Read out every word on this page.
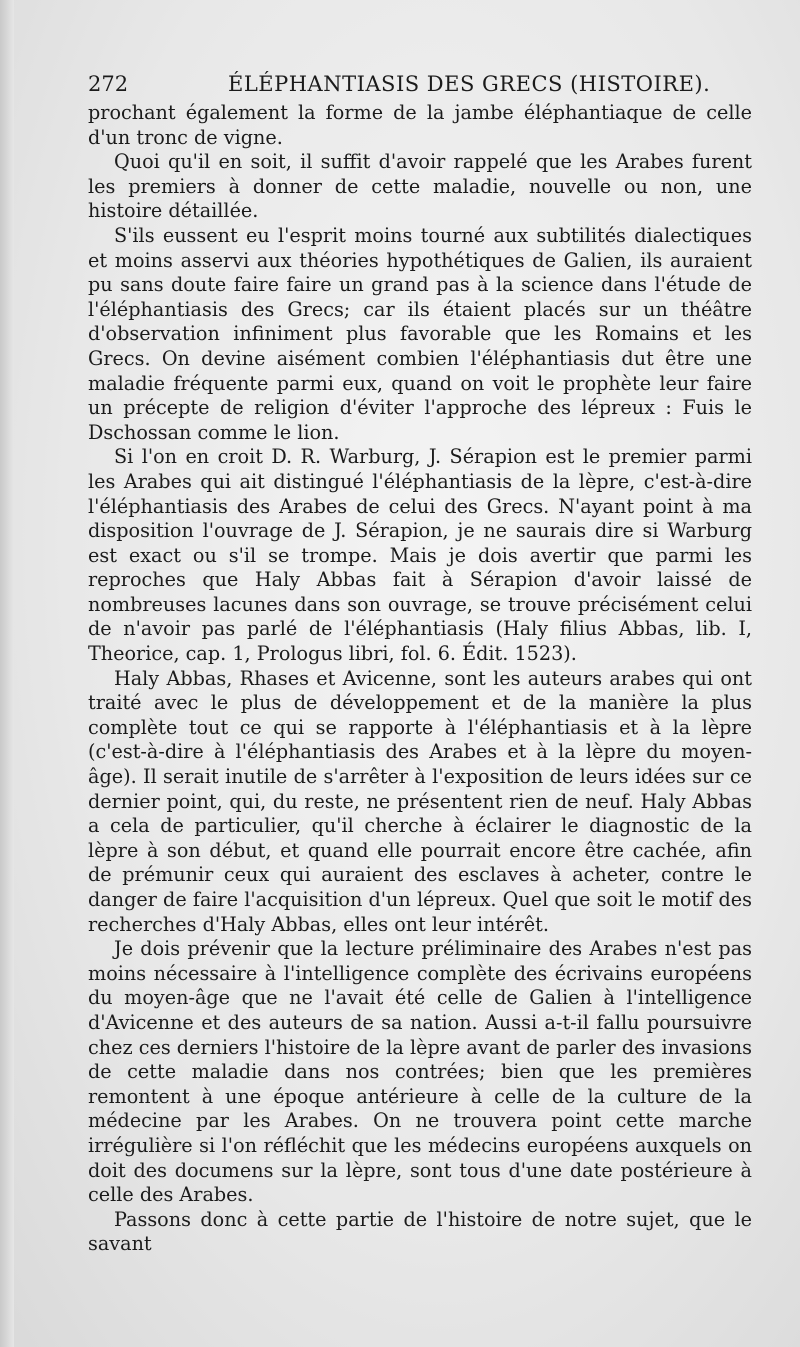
272	ÉLÉPHANTIASIS DES GRECS (HISTOIRE).

prochant également la forme de la jambe éléphantiaque de celle d'un tronc de vigne.

Quoi qu'il en soit, il suffit d'avoir rappelé que les Arabes furent les premiers à donner de cette maladie, nouvelle ou non, une histoire détaillée.

S'ils eussent eu l'esprit moins tourné aux subtilités dialectiques et moins asservi aux théories hypothétiques de Galien, ils auraient pu sans doute faire faire un grand pas à la science dans l'étude de l'éléphantiasis des Grecs; car ils étaient placés sur un théâtre d'observation infiniment plus favorable que les Romains et les Grecs. On devine aisément combien l'éléphantiasis dut être une maladie fréquente parmi eux, quand on voit le prophète leur faire un précepte de religion d'éviter l'approche des lépreux : Fuis le Dschossan comme le lion.

Si l'on en croit D. R. Warburg, J. Sérapion est le premier parmi les Arabes qui ait distingué l'éléphantiasis de la lèpre, c'est-à-dire l'éléphantiasis des Arabes de celui des Grecs. N'ayant point à ma disposition l'ouvrage de J. Sérapion, je ne saurais dire si Warburg est exact ou s'il se trompe. Mais je dois avertir que parmi les reproches que Haly Abbas fait à Sérapion d'avoir laissé de nombreuses lacunes dans son ouvrage, se trouve précisément celui de n'avoir pas parlé de l'éléphantiasis (Haly filius Abbas, lib. I, Theorice, cap. 1, Prologus libri, fol. 6. Édit. 1523).

Haly Abbas, Rhases et Avicenne, sont les auteurs arabes qui ont traité avec le plus de développement et de la manière la plus complète tout ce qui se rapporte à l'éléphantiasis et à la lèpre (c'est-à-dire à l'éléphantiasis des Arabes et à la lèpre du moyen-âge). Il serait inutile de s'arrêter à l'exposition de leurs idées sur ce dernier point, qui, du reste, ne présentent rien de neuf. Haly Abbas a cela de particulier, qu'il cherche à éclairer le diagnostic de la lèpre à son début, et quand elle pourrait encore être cachée, afin de prémunir ceux qui auraient des esclaves à acheter, contre le danger de faire l'acquisition d'un lépreux. Quel que soit le motif des recherches d'Haly Abbas, elles ont leur intérêt.

Je dois prévenir que la lecture préliminaire des Arabes n'est pas moins nécessaire à l'intelligence complète des écrivains européens du moyen-âge que ne l'avait été celle de Galien à l'intelligence d'Avicenne et des auteurs de sa nation. Aussi a-t-il fallu poursuivre chez ces derniers l'histoire de la lèpre avant de parler des invasions de cette maladie dans nos contrées; bien que les premières remontent à une époque antérieure à celle de la culture de la médecine par les Arabes. On ne trouvera point cette marche irrégulière si l'on réfléchit que les médecins européens auxquels on doit des documens sur la lèpre, sont tous d'une date postérieure à celle des Arabes.

Passons donc à cette partie de l'histoire de notre sujet, que le savant
